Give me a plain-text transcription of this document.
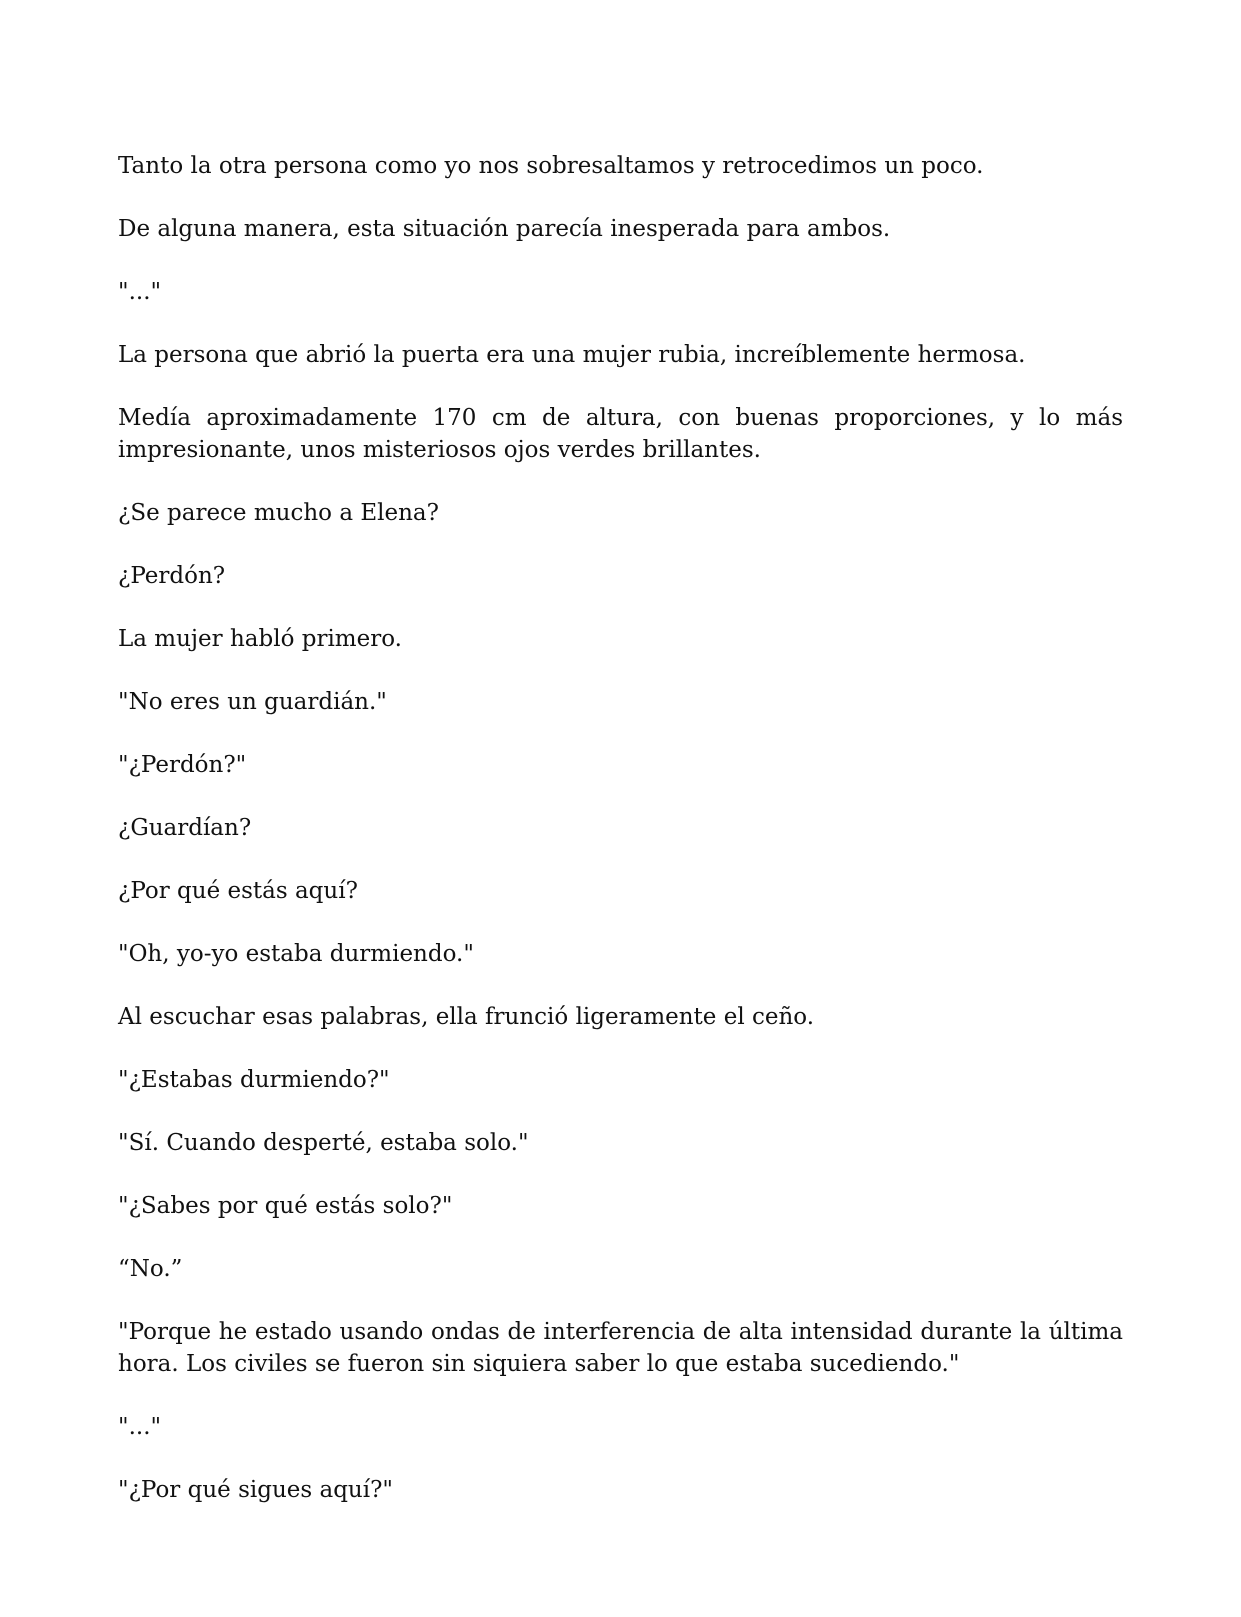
Tanto la otra persona como yo nos sobresaltamos y retrocedimos un poco.

De alguna manera, esta situación parecía inesperada para ambos.

"..."

La persona que abrió la puerta era una mujer rubia, increíblemente hermosa.

Medía aproximadamente 170 cm de altura, con buenas proporciones, y lo más impresionante, unos misteriosos ojos verdes brillantes.

¿Se parece mucho a Elena?

¿Perdón?

La mujer habló primero.

"No eres un guardián."

"¿Perdón?"

¿Guardían?

¿Por qué estás aquí?

"Oh, yo-yo estaba durmiendo."

Al escuchar esas palabras, ella frunció ligeramente el ceño.

"¿Estabas durmiendo?"

"Sí. Cuando desperté, estaba solo."

"¿Sabes por qué estás solo?"

“No.”

"Porque he estado usando ondas de interferencia de alta intensidad durante la última hora. Los civiles se fueron sin siquiera saber lo que estaba sucediendo."

"..."

"¿Por qué sigues aquí?"
